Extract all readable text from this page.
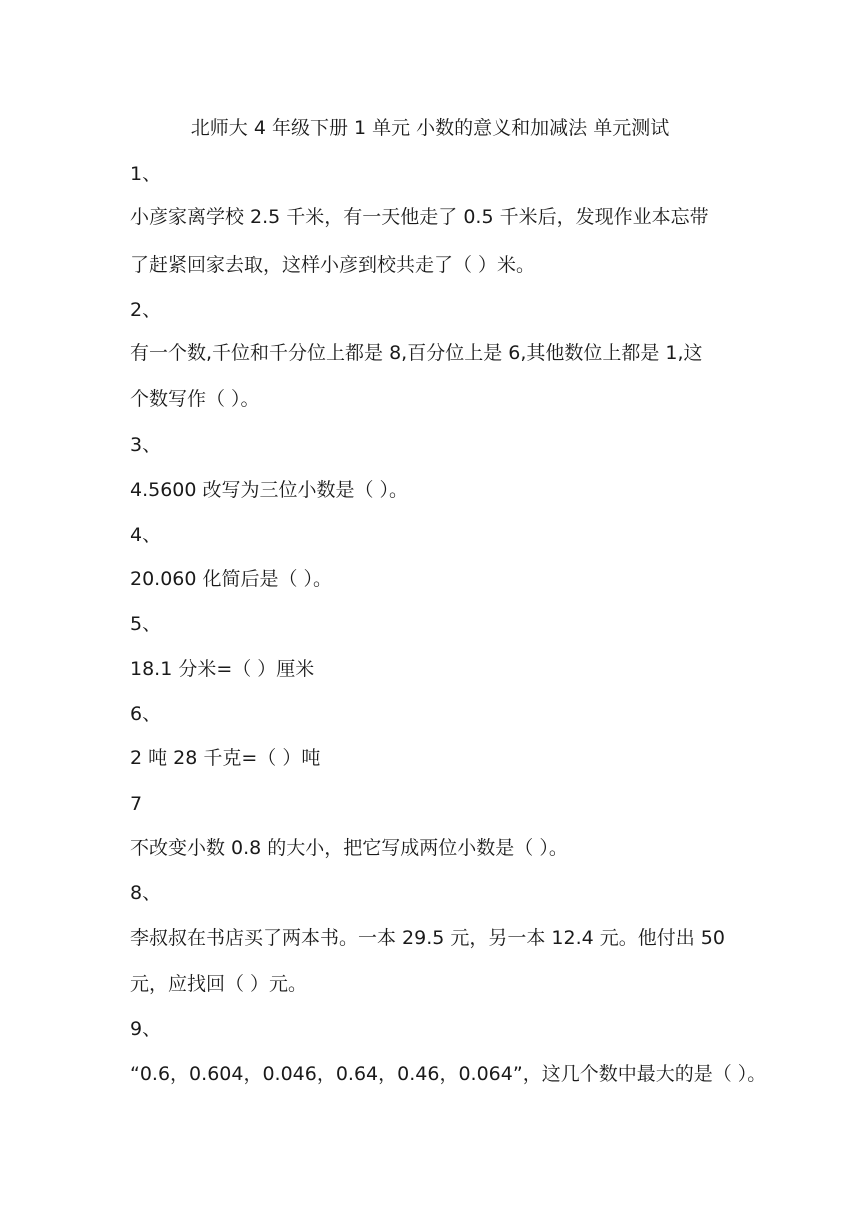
北师大 4 年级下册 1 单元 小数的意义和加减法 单元测试
1、
小彦家离学校 2.5 千米，有一天他走了 0.5 千米后，发现作业本忘带
了赶紧回家去取，这样小彦到校共走了（ ）米。
2、
有一个数,千位和千分位上都是 8,百分位上是 6,其他数位上都是 1,这
个数写作（ ）。
3、
4.5600 改写为三位小数是（ ）。
4、
20.060 化简后是（ ）。
5、
18.1 分米=（ ）厘米
6、
2 吨 28 千克=（ ）吨
7
不改变小数 0.8 的大小，把它写成两位小数是（ ）。
8、
李叔叔在书店买了两本书。一本 29.5 元，另一本 12.4 元。他付出 50
元，应找回（ ）元。
9、
“0.6，0.604，0.046，0.64，0.46，0.064”，这几个数中最大的是（ ）。
